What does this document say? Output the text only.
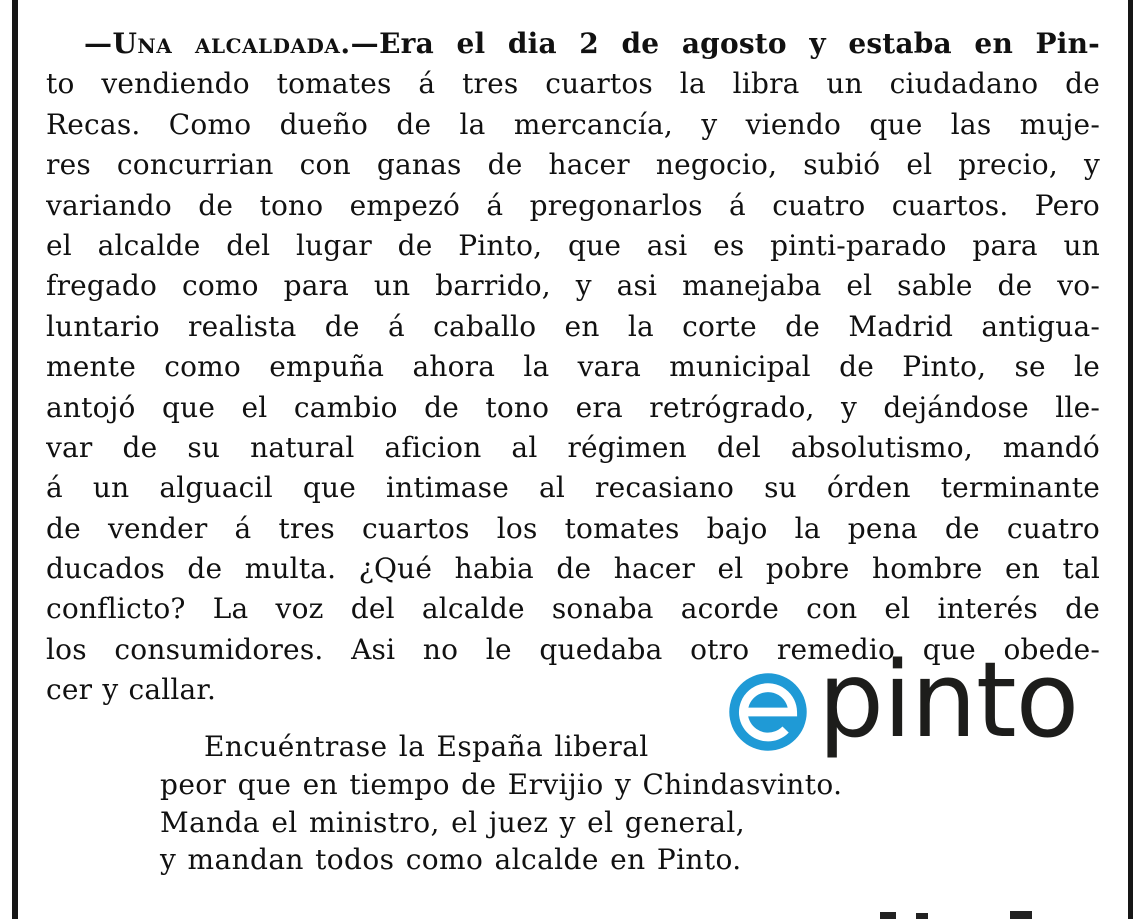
—Una alcaldada.—Era el dia 2 de agosto y estaba en Pin-
to vendiendo tomates á tres cuartos la libra un ciudadano de
Recas. Como dueño de la mercancía, y viendo que las muje-
res concurrian con ganas de hacer negocio, subió el precio, y
variando de tono empezó á pregonarlos á cuatro cuartos. Pero
el alcalde del lugar de Pinto, que asi es pinti-parado para un
fregado como para un barrido, y asi manejaba el sable de vo-
luntario realista de á caballo en la corte de Madrid antigua-
mente como empuña ahora la vara municipal de Pinto, se le
antojó que el cambio de tono era retrógrado, y dejándose lle-
var de su natural aficion al régimen del absolutismo, mandó
á un alguacil que intimase al recasiano su órden terminante
de vender á tres cuartos los tomates bajo la pena de cuatro
ducados de multa. ¿Qué habia de hacer el pobre hombre en tal
conflicto? La voz del alcalde sonaba acorde con el interés de
los consumidores. Asi no le quedaba otro remedio que obede-
cer y callar.
Encuéntrase la España liberal
peor que en tiempo de Ervijio y Chindasvinto.
Manda el ministro, el juez y el general,
y mandan todos como alcalde en Pinto.
pinto
